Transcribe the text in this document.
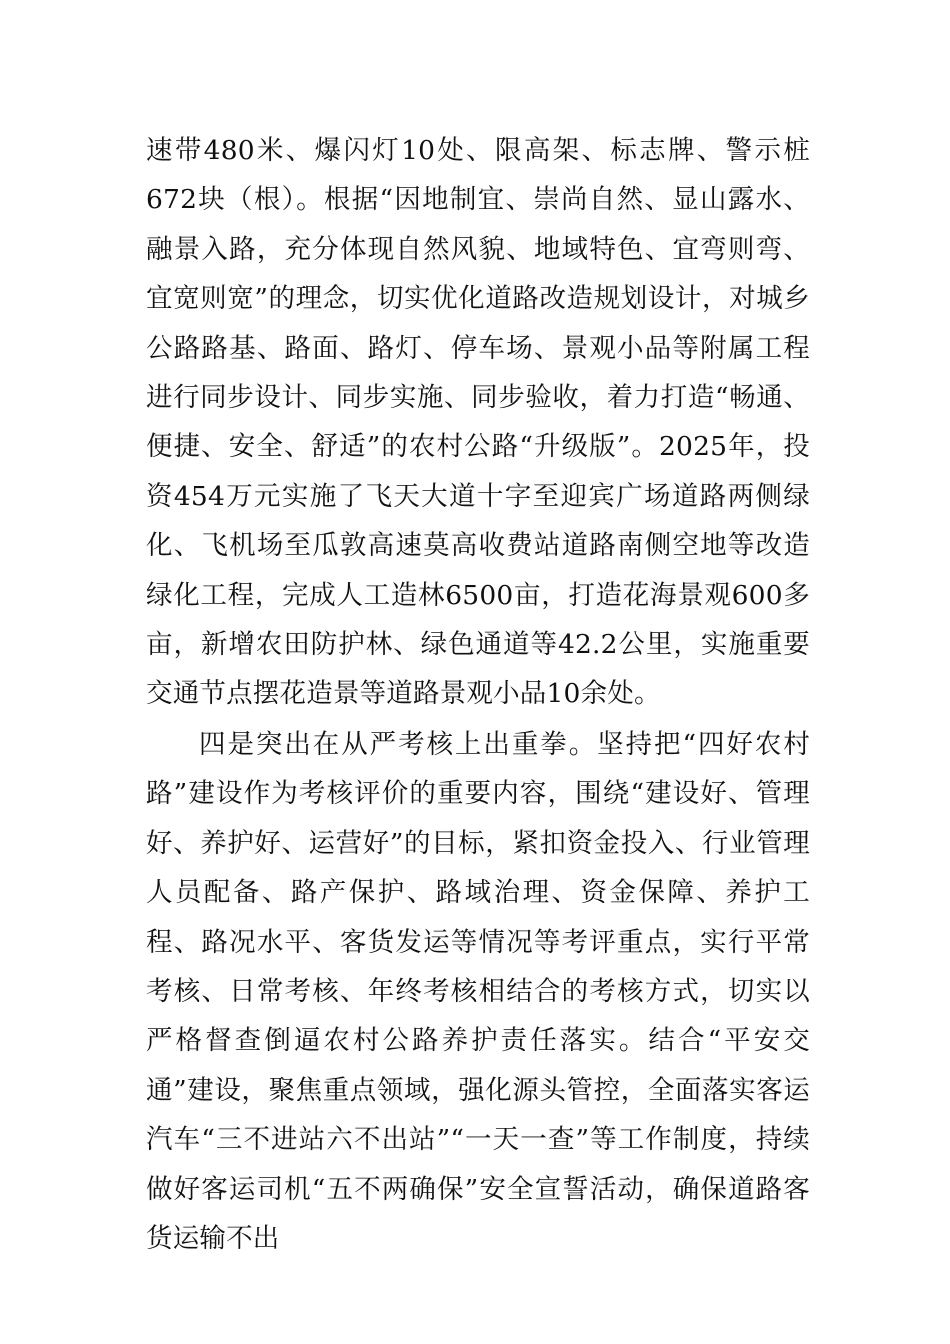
速带480米、爆闪灯10处、限高架、标志牌、警示桩672块（根）。根据“因地制宜、崇尚自然、显山露水、融景入路，充分体现自然风貌、地域特色、宜弯则弯、宜宽则宽”的理念，切实优化道路改造规划设计，对城乡公路路基、路面、路灯、停车场、景观小品等附属工程进行同步设计、同步实施、同步验收，着力打造“畅通、便捷、安全、舒适”的农村公路“升级版”。2025年，投资454万元实施了飞天大道十字至迎宾广场道路两侧绿化、飞机场至瓜敦高速莫高收费站道路南侧空地等改造绿化工程，完成人工造林6500亩，打造花海景观600多亩，新增农田防护林、绿色通道等42.2公里，实施重要交通节点摆花造景等道路景观小品10余处。

四是突出在从严考核上出重拳。坚持把“四好农村路”建设作为考核评价的重要内容，围绕“建设好、管理好、养护好、运营好”的目标，紧扣资金投入、行业管理人员配备、路产保护、路域治理、资金保障、养护工程、路况水平、客货发运等情况等考评重点，实行平常考核、日常考核、年终考核相结合的考核方式，切实以严格督查倒逼农村公路养护责任落实。结合“平安交通”建设，聚焦重点领域，强化源头管控，全面落实客运汽车“三不进站六不出站”“一天一查”等工作制度，持续做好客运司机“五不两确保”安全宣誓活动，确保道路客货运输不出
